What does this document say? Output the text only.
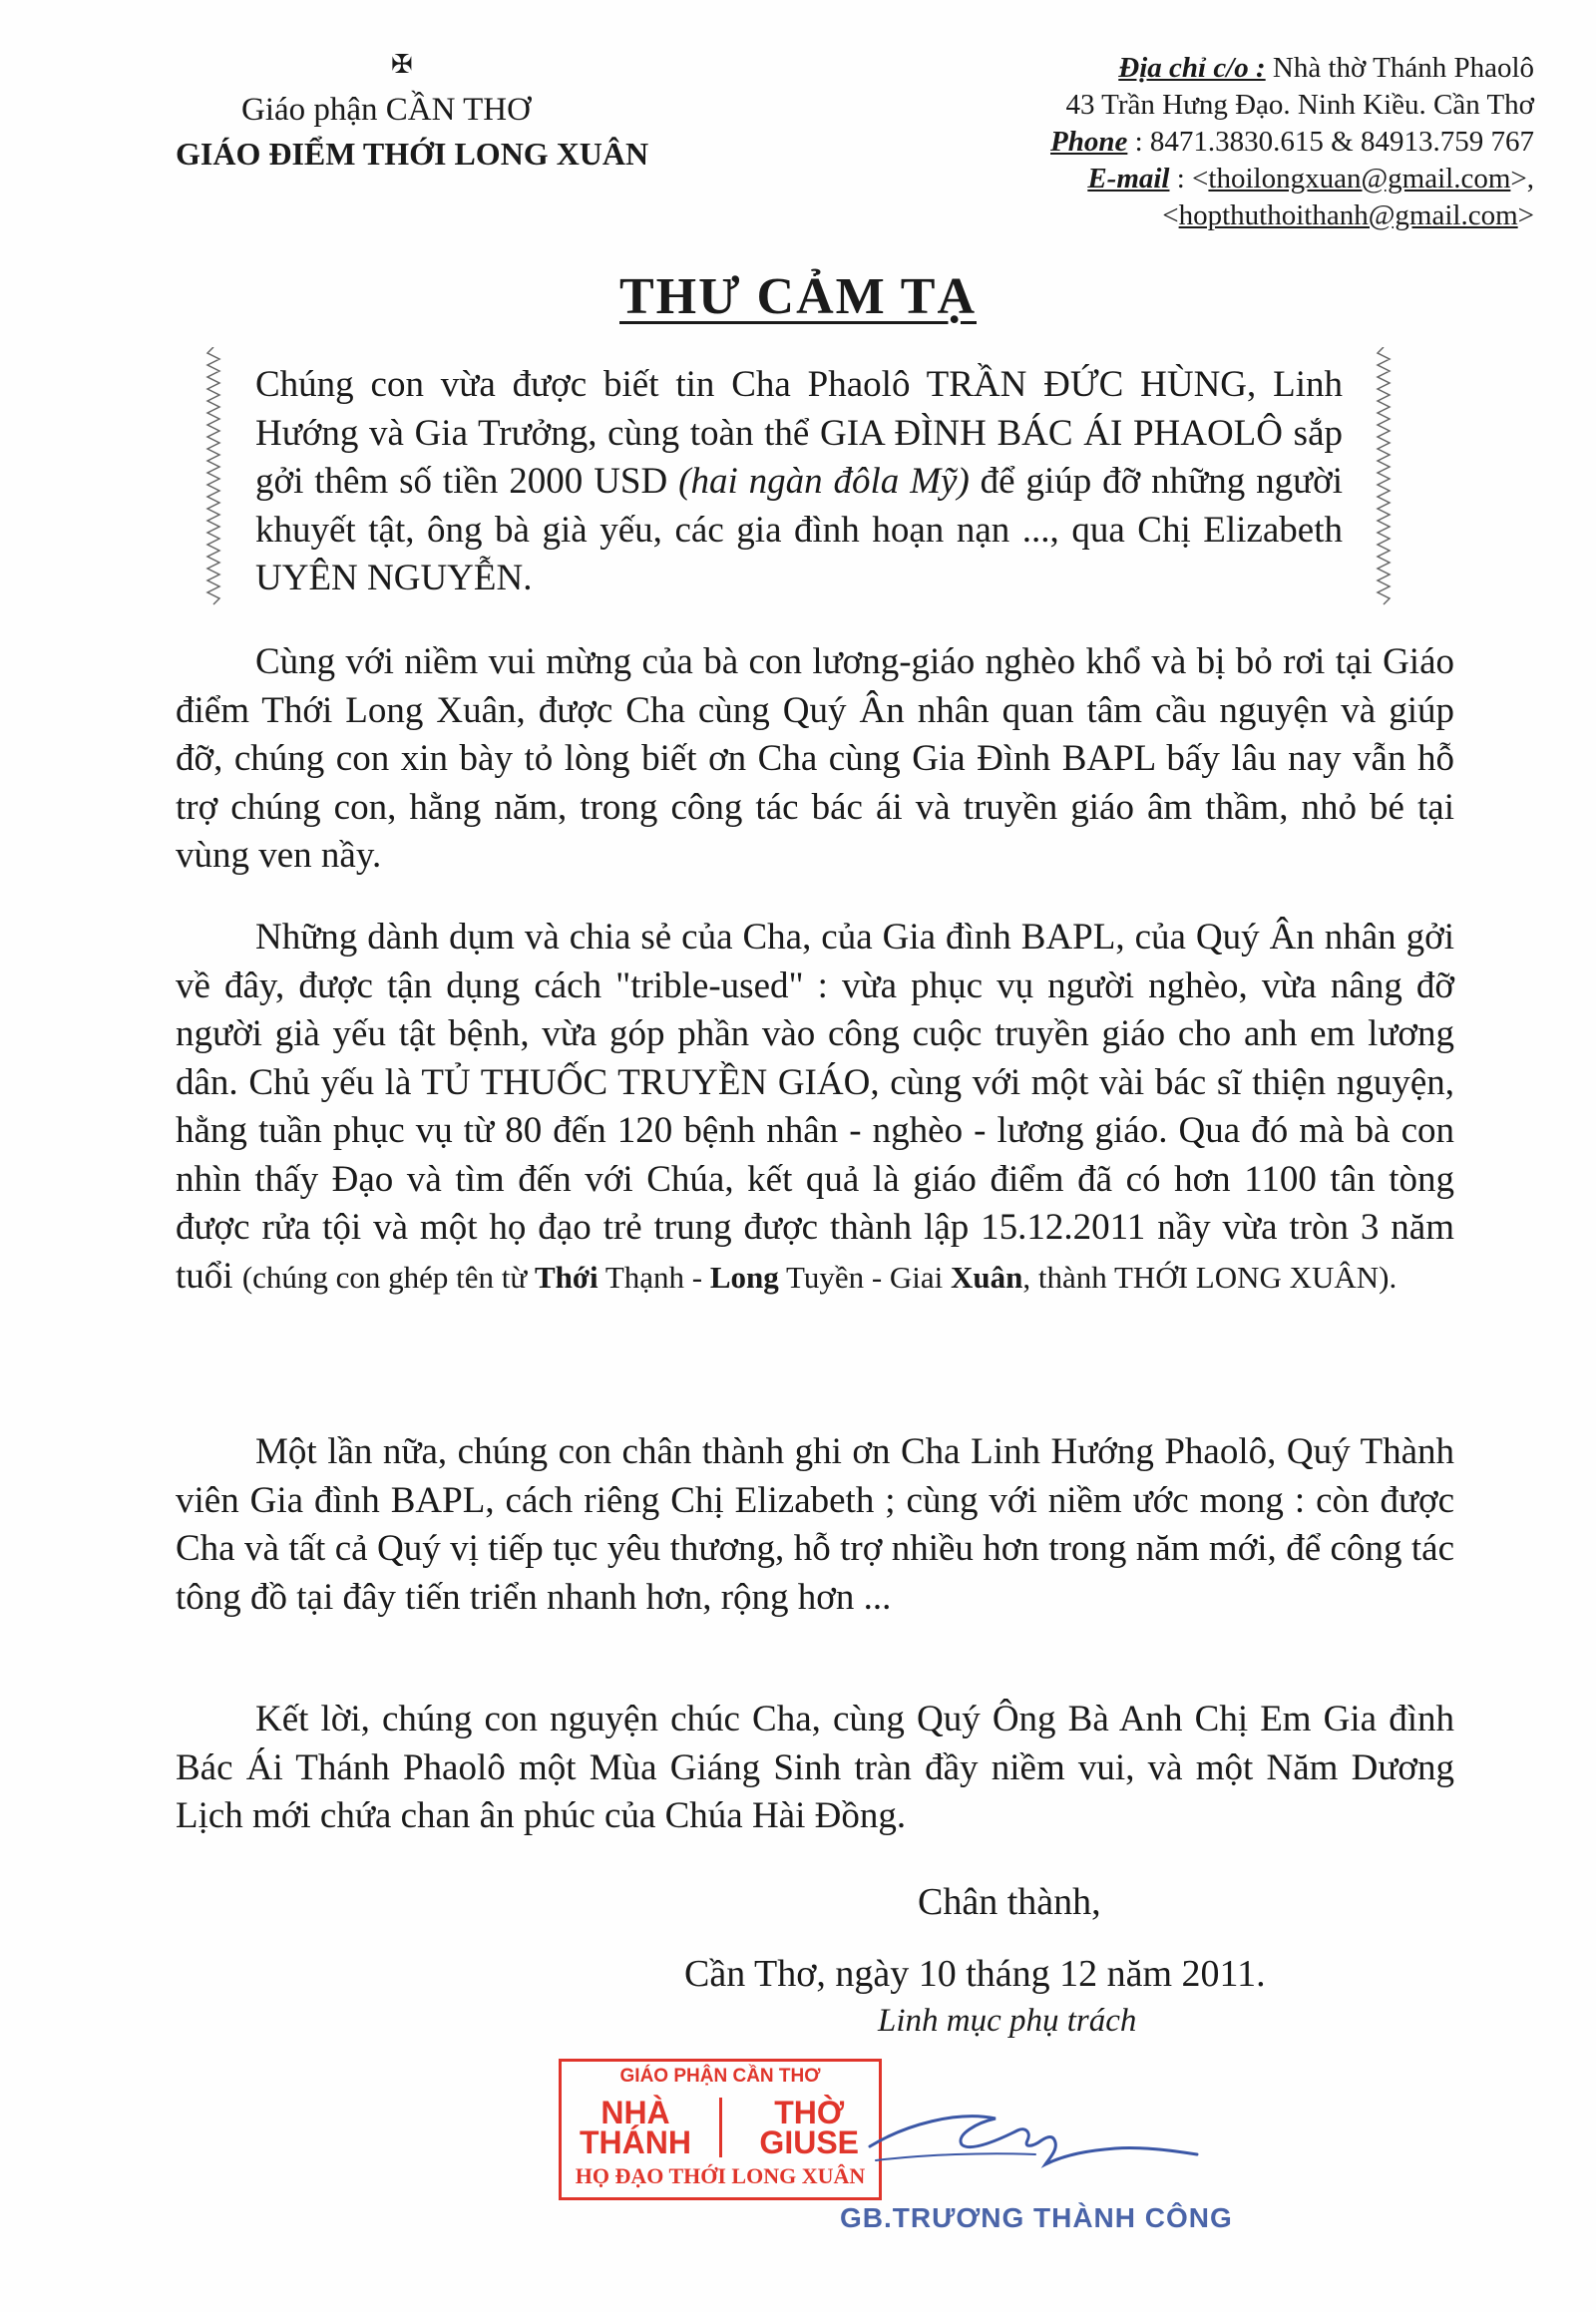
✠
Giáo phận CẦN THƠ
GIÁO ĐIỂM THỚI LONG XUÂN
Địa chỉ c/o : Nhà thờ Thánh Phaolô
43 Trần Hưng Đạo. Ninh Kiều. Cần Thơ
Phone : 8471.3830.615 & 84913.759 767
E-mail : <thoilongxuan@gmail.com>,
<hopthuthoithanh@gmail.com>
THƯ CẢM TẠ
Chúng con vừa được biết tin Cha Phaolô TRẦN ĐỨC HÙNG, Linh Hướng và Gia Trưởng, cùng toàn thể GIA ĐÌNH BÁC ÁI PHAOLÔ sắp gởi thêm số tiền 2000 USD (hai ngàn đôla Mỹ) để giúp đỡ những người khuyết tật, ông bà già yếu, các gia đình hoạn nạn ..., qua Chị Elizabeth UYÊN NGUYỄN.
Cùng với niềm vui mừng của bà con lương-giáo nghèo khổ và bị bỏ rơi tại Giáo điểm Thới Long Xuân, được Cha cùng Quý Ân nhân quan tâm cầu nguyện và giúp đỡ, chúng con xin bày tỏ lòng biết ơn Cha cùng Gia Đình BAPL bấy lâu nay vẫn hỗ trợ chúng con, hằng năm, trong công tác bác ái và truyền giáo âm thầm, nhỏ bé tại vùng ven nầy.
Những dành dụm và chia sẻ của Cha, của Gia đình BAPL, của Quý Ân nhân gởi về đây, được tận dụng cách "trible-used" : vừa phục vụ người nghèo, vừa nâng đỡ người già yếu tật bệnh, vừa góp phần vào công cuộc truyền giáo cho anh em lương dân. Chủ yếu là TỦ THUỐC TRUYỀN GIÁO, cùng với một vài bác sĩ thiện nguyện, hằng tuần phục vụ từ 80 đến 120 bệnh nhân - nghèo - lương giáo. Qua đó mà bà con nhìn thấy Đạo và tìm đến với Chúa, kết quả là giáo điểm đã có hơn 1100 tân tòng được rửa tội và một họ đạo trẻ trung được thành lập 15.12.2011 nầy vừa tròn 3 năm tuổi (chúng con ghép tên từ Thới Thạnh - Long Tuyền - Giai Xuân, thành THỚI LONG XUÂN).
Một lần nữa, chúng con chân thành ghi ơn Cha Linh Hướng Phaolô, Quý Thành viên Gia đình BAPL, cách riêng Chị Elizabeth ; cùng với niềm ước mong : còn được Cha và tất cả Quý vị tiếp tục yêu thương, hỗ trợ nhiều hơn trong năm mới, để công tác tông đồ tại đây tiến triển nhanh hơn, rộng hơn ...
Kết lời, chúng con nguyện chúc Cha, cùng Quý Ông Bà Anh Chị Em Gia đình Bác Ái Thánh Phaolô một Mùa Giáng Sinh tràn đầy niềm vui, và một Năm Dương Lịch mới chứa chan ân phúc của Chúa Hài Đồng.
Chân thành,
Cần Thơ, ngày 10 tháng 12 năm 2011.
Linh mục phụ trách
GIÁO PHẬN CẦN THƠ
NHÀ
THÁNH
THỜ
GIUSE
HỌ ĐẠO THỚI LONG XUÂN
GB.TRƯƠNG THÀNH CÔNG
